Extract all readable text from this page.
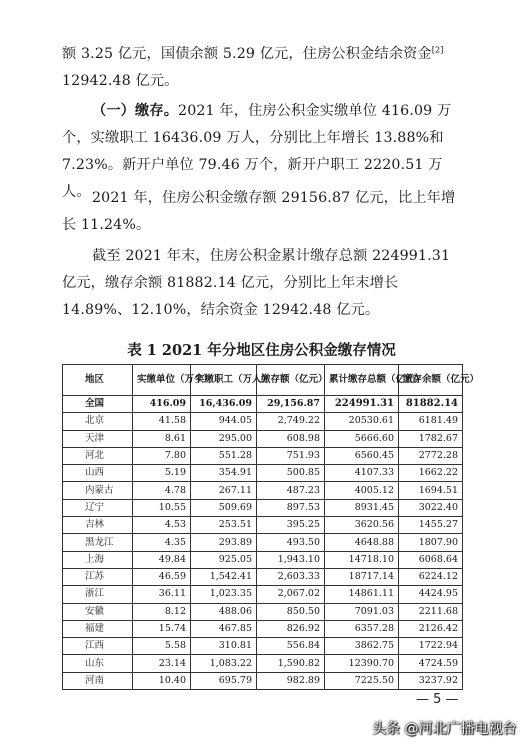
额 3.25 亿元，国债余额 5.29 亿元，住房公积金结余资金[2]

12942.48 亿元。

（一）缴存。2021 年，住房公积金实缴单位 416.09 万个，实缴职工 16436.09 万人，分别比上年增长 13.88%和 7.23%。新开户单位 79.46 万个，新开户职工 2220.51 万人。 2021 年，住房公积金缴存额 29156.87 亿元，比上年增长 11.24%。

截至 2021 年末，住房公积金累计缴存总额 224991.31 亿元，缴存余额 81882.14 亿元，分别比上年末增长 14.89%、12.10%，结余资金 12942.48 亿元。

表 1 2021 年分地区住房公积金缴存情况
地区	实缴单位（万个）	实缴职工（万人）	缴存额（亿元）	累计缴存总额（亿元）	缴存余额（亿元）
全国	416.09	16,436.09	29,156.87	224991.31	81882.14
北京	41.58	944.05	2,749.22	20530.61	6181.49
天津	8.61	295.00	608.98	5666.60	1782.67
河北	7.80	551.28	751.93	6560.45	2772.28
山西	5.19	354.91	500.85	4107.33	1662.22
内蒙古	4.78	267.11	487.23	4005.12	1694.51
辽宁	10.55	509.69	897.53	8931.45	3022.40
吉林	4.53	253.51	395.25	3620.56	1455.27
黑龙江	4.35	293.89	493.50	4648.88	1807.90
上海	49.84	925.05	1,943.10	14718.10	6068.64
江苏	46.59	1,542.41	2,603.33	18717.14	6224.12
浙江	36.11	1,023.35	2,067.02	14861.11	4424.95
安徽	8.12	488.06	850.50	7091.03	2211.68
福建	15.74	467.85	826.92	6357.28	2126.42
江西	5.58	310.81	556.84	3862.75	1722.94
山东	23.14	1,083.22	1,590.82	12390.70	4724.59
河南	10.40	695.79	982.89	7225.50	3237.92
— 5 —
头条 @河北广播电视台
